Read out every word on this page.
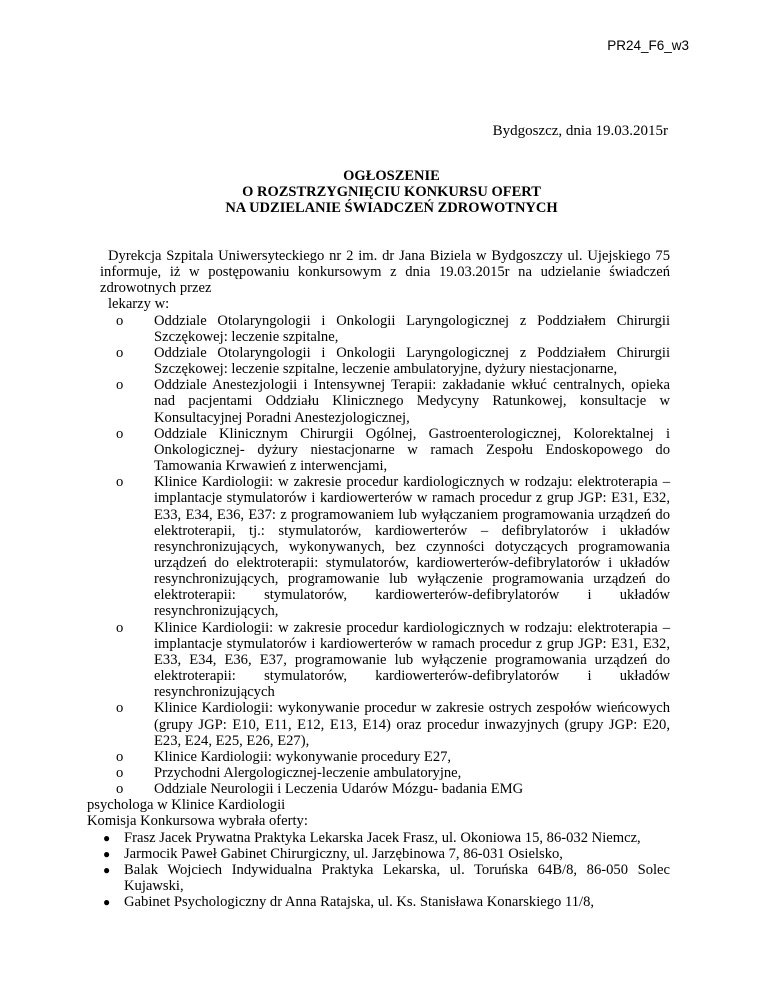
PR24_F6_w3
Bydgoszcz, dnia 19.03.2015r
OGŁOSZENIE
O ROZSTRZYGNIĘCIU KONKURSU OFERT
NA UDZIELANIE ŚWIADCZEŃ ZDROWOTNYCH
Dyrekcja Szpitala Uniwersyteckiego nr 2 im. dr Jana Biziela w Bydgoszczy ul. Ujejskiego 75 informuje, iż w postępowaniu konkursowym z dnia 19.03.2015r na udzielanie świadczeń zdrowotnych przez
lekarzy w:
o Oddziale Otolaryngologii i Onkologii Laryngologicznej z Poddziałem Chirurgii Szczękowej: leczenie szpitalne,
o Oddziale Otolaryngologii i Onkologii Laryngologicznej z Poddziałem Chirurgii Szczękowej: leczenie szpitalne, leczenie ambulatoryjne, dyżury niestacjonarne,
o Oddziale Anestezjologii i Intensywnej Terapii: zakładanie wkłuć centralnych, opieka nad pacjentami Oddziału Klinicznego Medycyny Ratunkowej, konsultacje w Konsultacyjnej Poradni Anestezjologicznej,
o Oddziale Klinicznym Chirurgii Ogólnej, Gastroenterologicznej, Kolorektalnej i Onkologicznej- dyżury niestacjonarne w ramach Zespołu Endoskopowego do Tamowania Krwawień z interwencjami,
o Klinice Kardiologii: w zakresie procedur kardiologicznych w rodzaju: elektroterapia – implantacje stymulatorów i kardiowerterów w ramach procedur z grup JGP: E31, E32, E33, E34, E36, E37: z programowaniem lub wyłączaniem programowania urządzeń do elektroterapii, tj.: stymulatorów, kardiowerterów – defibrylatorów i układów resynchronizujących, wykonywanych, bez czynności dotyczących programowania urządzeń do elektroterapii: stymulatorów, kardiowerterów-defibrylatorów i układów resynchronizujących, programowanie lub wyłączenie programowania urządzeń do elektroterapii: stymulatorów, kardiowerterów-defibrylatorów i układów resynchronizujących,
o Klinice Kardiologii: w zakresie procedur kardiologicznych w rodzaju: elektroterapia – implantacje stymulatorów i kardiowerterów w ramach procedur z grup JGP: E31, E32, E33, E34, E36, E37, programowanie lub wyłączenie programowania urządzeń do elektroterapii: stymulatorów, kardiowerterów-defibrylatorów i układów resynchronizujących
o Klinice Kardiologii: wykonywanie procedur w zakresie ostrych zespołów wieńcowych (grupy JGP: E10, E11, E12, E13, E14) oraz procedur inwazyjnych (grupy JGP: E20, E23, E24, E25, E26, E27),
o Klinice Kardiologii: wykonywanie procedury E27,
o Przychodni Alergologicznej-leczenie ambulatoryjne,
o Oddziale Neurologii i Leczenia Udarów Mózgu- badania EMG
psychologa w Klinice Kardiologii
Komisja Konkursowa wybrała oferty:
● Frasz Jacek Prywatna Praktyka Lekarska Jacek Frasz, ul. Okoniowa 15, 86-032 Niemcz,
● Jarmocik Paweł Gabinet Chirurgiczny, ul. Jarzębinowa 7, 86-031 Osielsko,
● Balak Wojciech Indywidualna Praktyka Lekarska, ul. Toruńska 64B/8, 86-050 Solec Kujawski,
● Gabinet Psychologiczny dr Anna Ratajska, ul. Ks. Stanisława Konarskiego 11/8,
